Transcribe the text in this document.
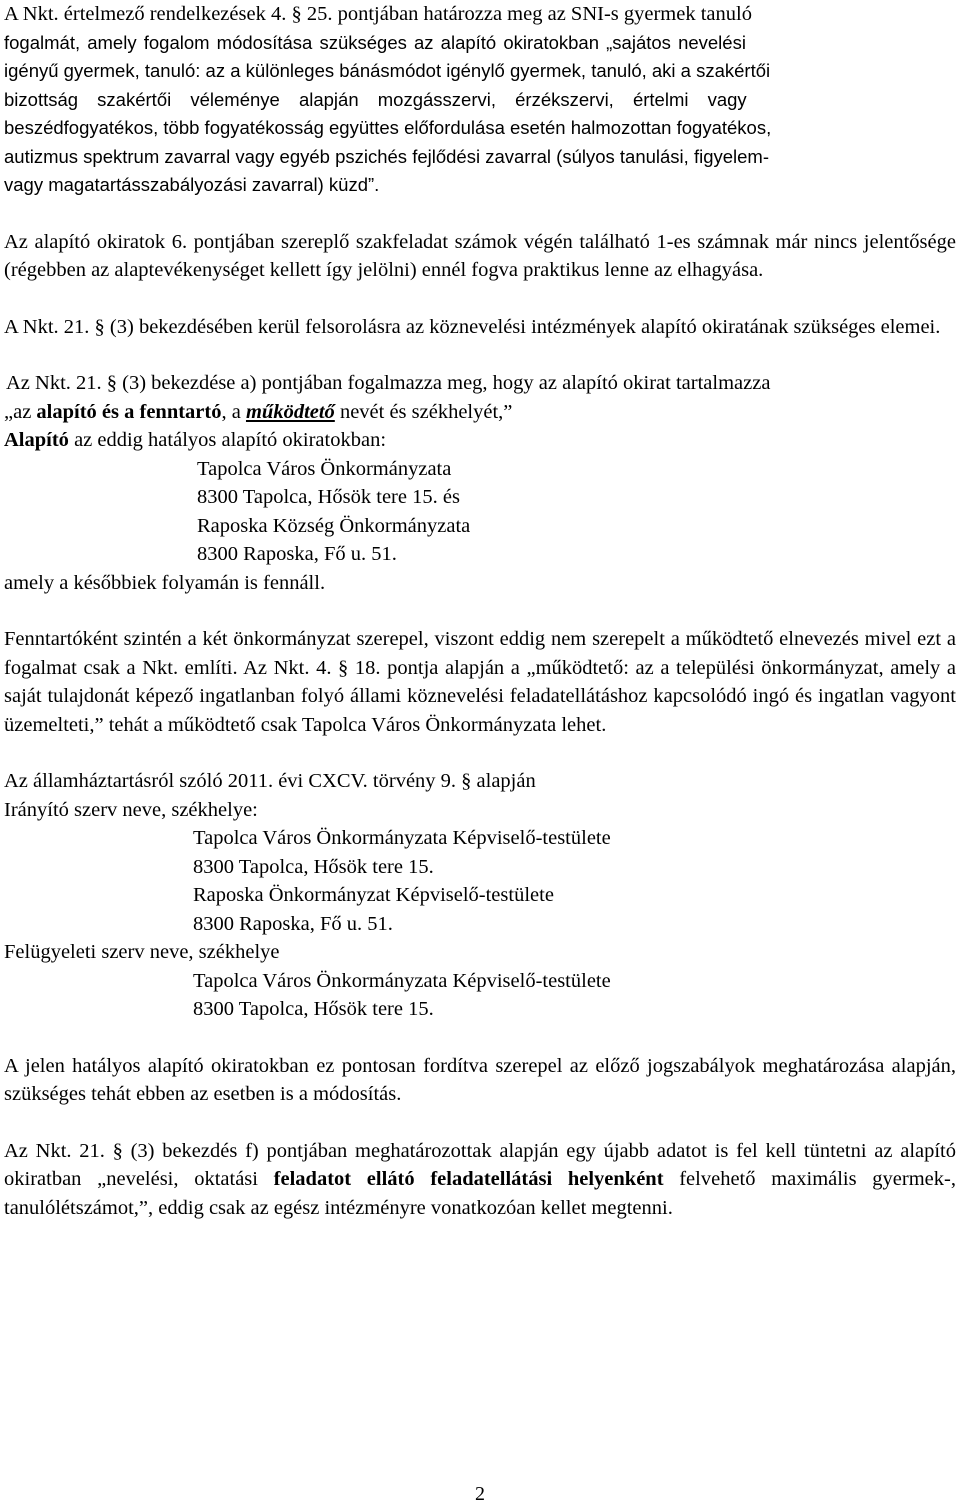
A Nkt. értelmező rendelkezések 4. § 25. pontjában határozza meg az SNI-s gyermek tanuló

fogalmát, amely fogalom módosítása szükséges az alapító okiratokban „sajátos nevelési

igényű gyermek, tanuló: az a különleges bánásmódot igénylő gyermek, tanuló, aki a szakértői

bizottság szakértői véleménye alapján mozgásszervi, érzékszervi, értelmi vagy

beszédfogyatékos, több fogyatékosság együttes előfordulása esetén halmozottan fogyatékos,

autizmus spektrum zavarral vagy egyéb pszichés fejlődési zavarral (súlyos tanulási, figyelem-

vagy magatartásszabályozási zavarral) küzd”.

Az alapító okiratok 6. pontjában szereplő szakfeladat számok végén található 1-es számnak már nincs jelentősége (régebben az alaptevékenységet kellett így jelölni) ennél fogva praktikus lenne az elhagyása.

A Nkt. 21. § (3) bekezdésében kerül felsorolásra az köznevelési intézmények alapító okiratának szükséges elemei.

Az Nkt. 21. § (3) bekezdése a) pontjában fogalmazza meg, hogy az alapító okirat tartalmazza

„az alapító és a fenntartó, a működtető nevét és székhelyét,”

Alapító az eddig hatályos alapító okiratokban:

Tapolca Város Önkormányzata

8300 Tapolca, Hősök tere 15. és

Raposka Község Önkormányzata

8300 Raposka, Fő u. 51.

amely a későbbiek folyamán is fennáll.

Fenntartóként szintén a két önkormányzat szerepel, viszont eddig nem szerepelt a működtető elnevezés mivel ezt a fogalmat csak a Nkt. említi. Az Nkt. 4. § 18. pontja alapján a „működtető: az a települési önkormányzat, amely a saját tulajdonát képező ingatlanban folyó állami köznevelési feladatellátáshoz kapcsolódó ingó és ingatlan vagyont üzemelteti,” tehát a működtető csak Tapolca Város Önkormányzata lehet.

Az államháztartásról szóló 2011. évi CXCV. törvény 9. § alapján

Irányító szerv neve, székhelye:

Tapolca Város Önkormányzata Képviselő-testülete

8300 Tapolca, Hősök tere 15.

Raposka Önkormányzat Képviselő-testülete

8300 Raposka, Fő u. 51.

Felügyeleti szerv neve, székhelye

Tapolca Város Önkormányzata Képviselő-testülete

8300 Tapolca, Hősök tere 15.

A jelen hatályos alapító okiratokban ez pontosan fordítva szerepel az előző jogszabályok meghatározása alapján, szükséges tehát ebben az esetben is a módosítás.

Az Nkt. 21. § (3) bekezdés f) pontjában meghatározottak alapján egy újabb adatot is fel kell tüntetni az alapító okiratban „nevelési, oktatási feladatot ellátó feladatellátási helyenként felvehető maximális gyermek-, tanulólétszámot,”, eddig csak az egész intézményre vonatkozóan kellet megtenni.

2
